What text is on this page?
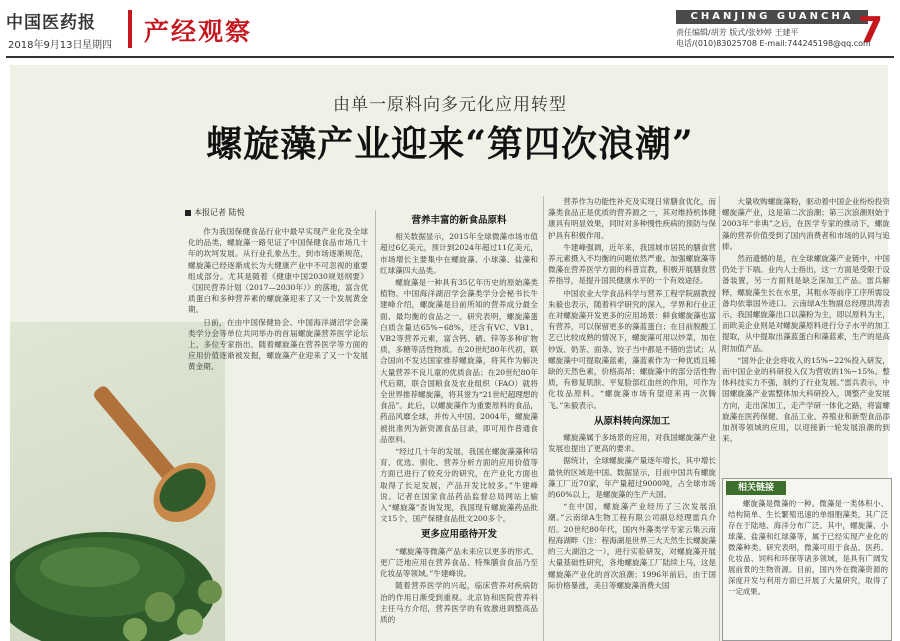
中国医药报
2018年9月13日 星期四 产经观察
CHANJING GUANCHA 7
责任编辑/胡芳 版式/张妙婷 王建平
电话/(010)83025708 E-mail:744245198@qq.com
由单一原料向多元化应用转型
螺旋藻产业迎来“第四次浪潮”
本报记者 陆悦

作为我国保健食品行业中最早实现产业化及全球化的品类，螺旋藻一路见证了中国保健食品市场几十年的坎坷发展。从行业孔象丛生，到市场逐渐规范，螺旋藻已经逐渐成长为大健康产业中不可忽视的重要组成部分。尤其是随着《健康中国2030规划纲要》《国民营养计划（2017—2030年）》的落地，富含优质蛋白和多种营养素的螺旋藻迎来了又一个发展黄金期。

日前，在由中国保健协会、中国海洋湖沼学会藻类学分会等单位共同举办的首届螺旋藻营养医学论坛上，多位专家指出，随着螺旋藻在营养医学等方面的应用价值逐渐被发掘，螺旋藻产业迎来了又一个发展黄金期。

营养丰富的新食品原料

相关数据显示，2015年全球微藻市场市值超过6亿美元，预计到2024年超过11亿美元，市场增长主要集中在螺旋藻、小球藻、盐藻和红球藻四大品类。

螺旋藻是一种具有35亿年历史的原始藻类植物。中国海洋湖沼学会藻类学分会秘书长牛建峰介绍，螺旋藻是目前所知的营养成分最全面、最均衡的食品之一。研究表明，螺旋藻蛋白质含量达65%~68%，还含有VC、VB1、VB2等营养元素，富含钙、硒、锌等多种矿物质，多糖等活性物质。在20世纪80年代初，联合国向不发达国家推荐螺旋藻，将其作为解决大量营养不良儿童的优质食品；在20世纪80年代后期，联合国粮食及农业组织（FAO）就将全世界推荐螺旋藻，将其誉为“21世纪超理想的食品”。此后，以螺旋藻作为重要原料的食品，药品风靡全球，并传入中国。2004年，螺旋藻被批准列为新资源食品目录，即可用作普通食品原料。

“经过几十年的发展，我国在螺旋藻藻种培育、优选、驯化、营养分析方面的应用价值等方面已进行了较充分的研究，在产业化方面也取得了长足发展，产品开发比较多。”牛建峰说。记者在国家食品药品监督总局网站上输入“螺旋藻”查询发现，我国现有螺旋藻药品批文15个，国产保健食品批文200多个。

更多应用亟待开发

“螺旋藻等微藻产品未来应以更多的形式、更广泛地应用在营养食品、特殊膳食食品乃至化妆品等领域。”牛建峰说。

随着营养医学的兴起，临床营养对疾病防治的作用日渐受到重视。北京协和医院营养科主任马方介绍，营养医学的有效激进调整高品质的

营养作为功能性补充及实现日常膳食优化，而藻类食品正是优质的营养源之一，其对维持机体健康具有明显效果，同时对多种慢性疾病的预防与保护具有积极作用。

牛建峰强调，近年来，我国城市居民的膳食营养元素摄入不均衡的问题依然严重。加强螺旋藻等微藻在营养医学方面的科普宣教，积极开展膳食营养指导，是提升国民健康水平的一个有效途径。

中国农业大学食品科学与营养工程学院副教授朱毅也表示，随着科学研究的深入，学界和行业正在对螺旋藻开发更多的应用场景：鲜食螺旋藻也富有营养，可以保留更多的藻蓝蛋白；在目前脱酸工艺已比较成熟的情况下，螺旋藻可用以炒菜，加在炒饭、奶茶、面条、饺子当中都是不错的尝试；从螺旋藻中可提取藻蓝素，藻蓝素作为一种优质且稀缺的天然色素，价格高昂；螺旋藻中的部分活性物质，有修复肌肤、平复脸部红血丝的作用，可作为化妆品原料。“螺旋藻市场有望迎来再一次腾飞。”朱毅表示。

从原料转向深加工

螺旋藻属于多场景的应用，对我国螺旋藻产业发展也提出了更高的要求。

据统计，全球螺旋藻产量逐年增长，其中增长最快的区域是中国。数据显示，目前中国共有螺旋藻工厂近70家，年产量超过9000吨，占全球市场的60%以上，是螺旋藻的生产大国。

“在中国，螺旋藻产业经历了三次发展浪潮。”云南绿A生物工程有限公司副总经理雷兵介绍。20世纪80年代，国内外藻类学专家云集云南程海湖畔（注：程海湖是世界三大天然生长螺旋藻的三大湖泊之一），进行实验研发，对螺旋藻开展大量基础性研究，各地螺旋藻工厂陆续上马，这是螺旋藻产业化的首次浪潮；1996年前后，由于国际价格暴涨，美日等螺旋藻消费大国

大量收购螺旋藻粉，驱动着中国企业纷纷投资螺旋藻产业，这是第二次浪潮；第三次浪潮则始于2003年“非典”之后，在医学专家的推动下，螺旋藻的营养价值受到了国内消费者和市场的认同与追捧。

然而遗憾的是，在全球螺旋藻产业链中，中国仍处于下端。业内人士指出，这一方面是受限于设备装置，另一方面则是缺乏深加工产品。雷兵解释，螺旋藻生长在水里，其粗水等前序工序所需设备均依靠国外进口。云南绿A生物副总经理洪涛表示，我国螺旋藻出口以藻粉为主，即以原料为主，而欧美企业则是对螺旋藻原料进行分子水平的加工提取，从中提取出藻蓝蛋白和藻蓝素，生产的是高附加值产品。

“国外企业会将收入的15%~22%投入研发，而中国企业的科研投入仅为营收的1%~15%。整体科技实力不强，制约了行业发展。”雷兵表示，中国螺旋藻产业需整体加大科研投入，调整产业发展方向，走出深加工，走产学研一体化之路，将富螺旋藻在医药保健、食品工业、养殖业和新型食品添加剂等领域的应用，以迎接新一轮发展浪潮的到来。

相关链接

螺旋藻是微藻的一种。微藻是一类体积小、结构简单、生长繁殖迅速的单细胞藻类，其广泛存在于陆地、海洋分布广泛。其中，螺旋藻、小球藻、盐藻和红球藻等，属于已经实现产业化的微藻种类。研究表明，微藻可用于食品、医药、化妆品、饲料和环保等诸多领域，是具有广阔发展前景的生物资源。目前，国内外在微藻资源的深度开发与利用方面已开展了大量研究，取得了一定成果。
